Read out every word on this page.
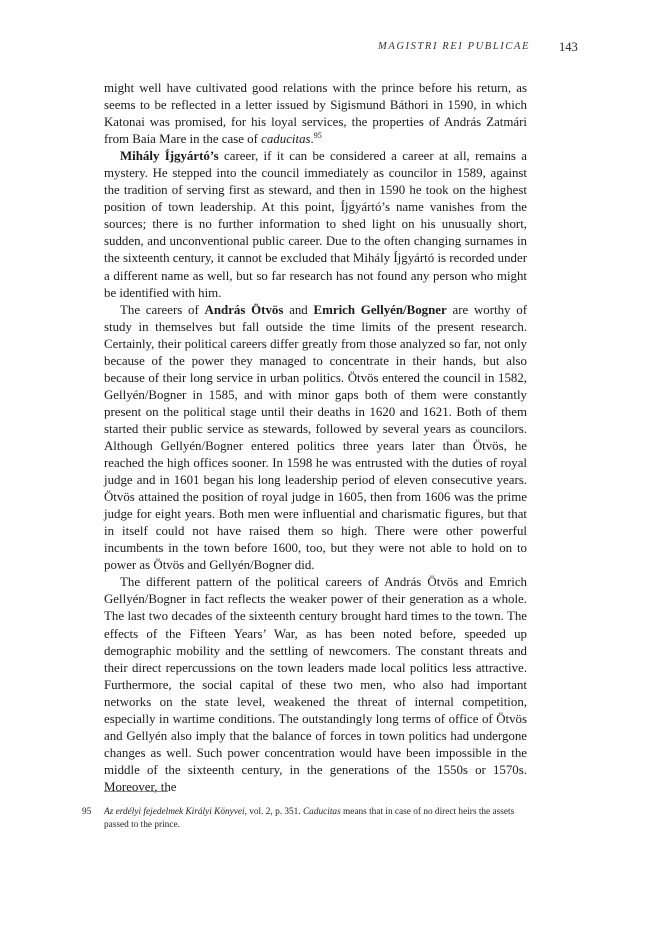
MAGISTRI REI PUBLICAE 143

might well have cultivated good relations with the prince before his return, as seems to be reflected in a letter issued by Sigismund Báthori in 1590, in which Katonai was promised, for his loyal services, the properties of András Zatmári from Baia Mare in the case of caducitas.$^{95}$

Mihály Íjgyártó’s career, if it can be considered a career at all, remains a mystery. He stepped into the council immediately as councilor in 1589, against the tradition of serving first as steward, and then in 1590 he took on the highest position of town leadership. At this point, Íjgyártó’s name vanishes from the sources; there is no further information to shed light on his unusually short, sudden, and unconventional public career. Due to the often changing surnames in the sixteenth century, it cannot be excluded that Mihály Íjgyártó is recorded under a different name as well, but so far research has not found any person who might be identified with him.

The careers of András Ötvös and Emrich Gellyén/Bogner are worthy of study in themselves but fall outside the time limits of the present research. Certainly, their political careers differ greatly from those analyzed so far, not only because of the power they managed to concentrate in their hands, but also because of their long service in urban politics. Ötvös entered the council in 1582, Gellyén/Bogner in 1585, and with minor gaps both of them were constantly present on the political stage until their deaths in 1620 and 1621. Both of them started their public service as stewards, followed by several years as councilors. Although Gellyén/Bogner entered politics three years later than Ötvös, he reached the high offices sooner. In 1598 he was entrusted with the duties of royal judge and in 1601 began his long leadership period of eleven consecutive years. Ötvös attained the position of royal judge in 1605, then from 1606 was the prime judge for eight years. Both men were influential and charismatic figures, but that in itself could not have raised them so high. There were other powerful incumbents in the town before 1600, too, but they were not able to hold on to power as Ötvös and Gellyén/Bogner did.

The different pattern of the political careers of András Ötvös and Emrich Gellyén/Bogner in fact reflects the weaker power of their generation as a whole. The last two decades of the sixteenth century brought hard times to the town. The effects of the Fifteen Years’ War, as has been noted before, speeded up demographic mobility and the settling of newcomers. The constant threats and their direct repercussions on the town leaders made local politics less attractive. Furthermore, the social capital of these two men, who also had important networks on the state level, weakened the threat of internal competition, especially in wartime conditions. The outstandingly long terms of office of Ötvös and Gellyén also imply that the balance of forces in town politics had undergone changes as well. Such power concentration would have been impossible in the middle of the sixteenth century, in the generations of the 1550s or 1570s. Moreover, the

95 Az erdélyi fejedelmek Királyi Könyvei, vol. 2, p. 351. Caducitas means that in case of no direct heirs the assets passed to the prince.
